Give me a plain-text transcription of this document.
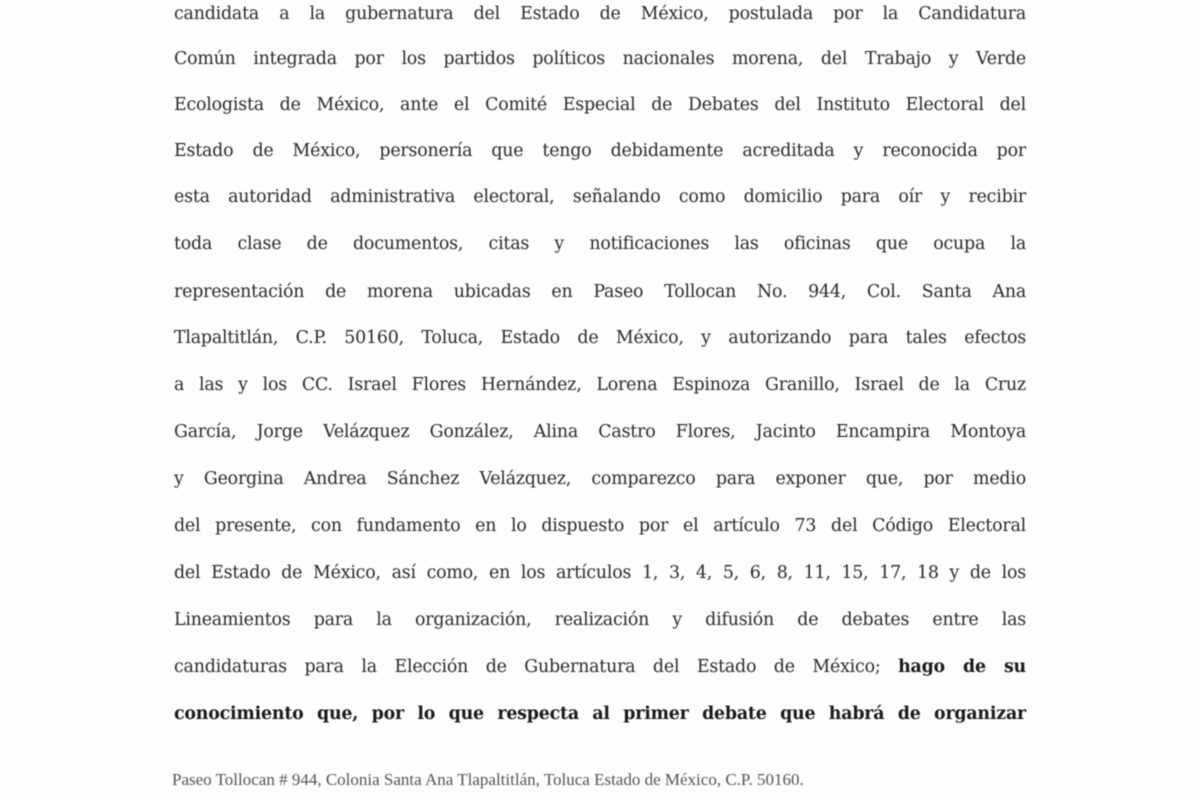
candidata a la gubernatura del Estado de México, postulada por la Candidatura
Común integrada por los partidos políticos nacionales morena, del Trabajo y Verde
Ecologista de México, ante el Comité Especial de Debates del Instituto Electoral del
Estado de México, personería que tengo debidamente acreditada y reconocida por
esta autoridad administrativa electoral, señalando como domicilio para oír y recibir
toda clase de documentos, citas y notificaciones las oficinas que ocupa la
representación de morena ubicadas en Paseo Tollocan No. 944, Col. Santa Ana
Tlapaltitlán, C.P. 50160, Toluca, Estado de México, y autorizando para tales efectos
a las y los CC. Israel Flores Hernández, Lorena Espinoza Granillo, Israel de la Cruz
García, Jorge Velázquez González, Alina Castro Flores, Jacinto Encampira Montoya
y Georgina Andrea Sánchez Velázquez, comparezco para exponer que, por medio
del presente, con fundamento en lo dispuesto por el artículo 73 del Código Electoral
del Estado de México, así como, en los artículos 1, 3, 4, 5, 6, 8, 11, 15, 17, 18 y de los
Lineamientos para la organización, realización y difusión de debates entre las
candidaturas para la Elección de Gubernatura del Estado de México; hago de su
conocimiento que, por lo que respecta al primer debate que habrá de organizar
Paseo Tollocan # 944, Colonia Santa Ana Tlapaltitlán, Toluca Estado de México, C.P. 50160.
